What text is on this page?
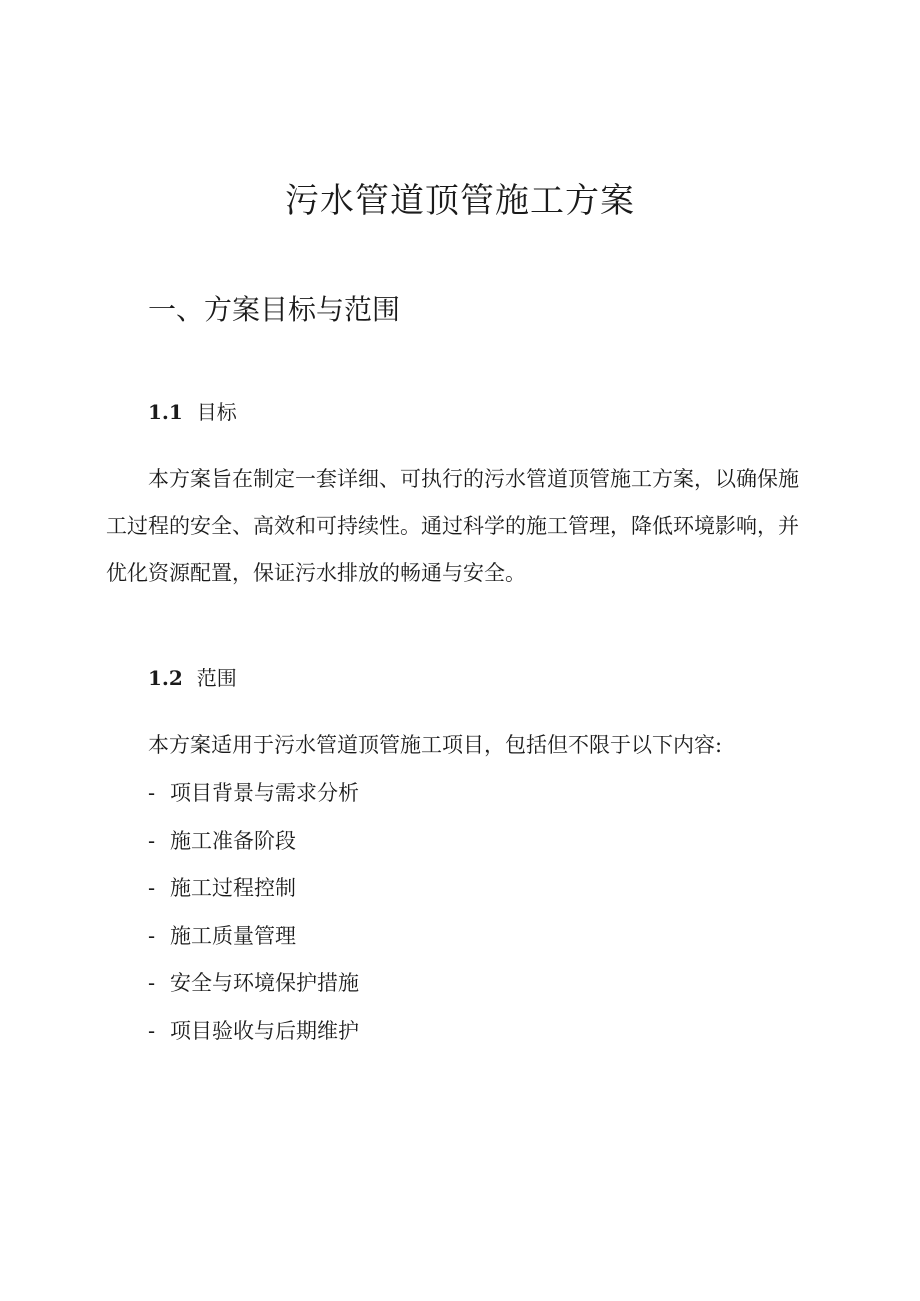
污水管道顶管施工方案
一、方案目标与范围
1.1 目标

本方案旨在制定一套详细、可执行的污水管道顶管施工方案，以确保施工过程的安全、高效和可持续性。通过科学的施工管理，降低环境影响，并优化资源配置，保证污水排放的畅通与安全。

1.2 范围

本方案适用于污水管道顶管施工项目，包括但不限于以下内容:

- 项目背景与需求分析
- 施工准备阶段
- 施工过程控制
- 施工质量管理
- 安全与环境保护措施
- 项目验收与后期维护
